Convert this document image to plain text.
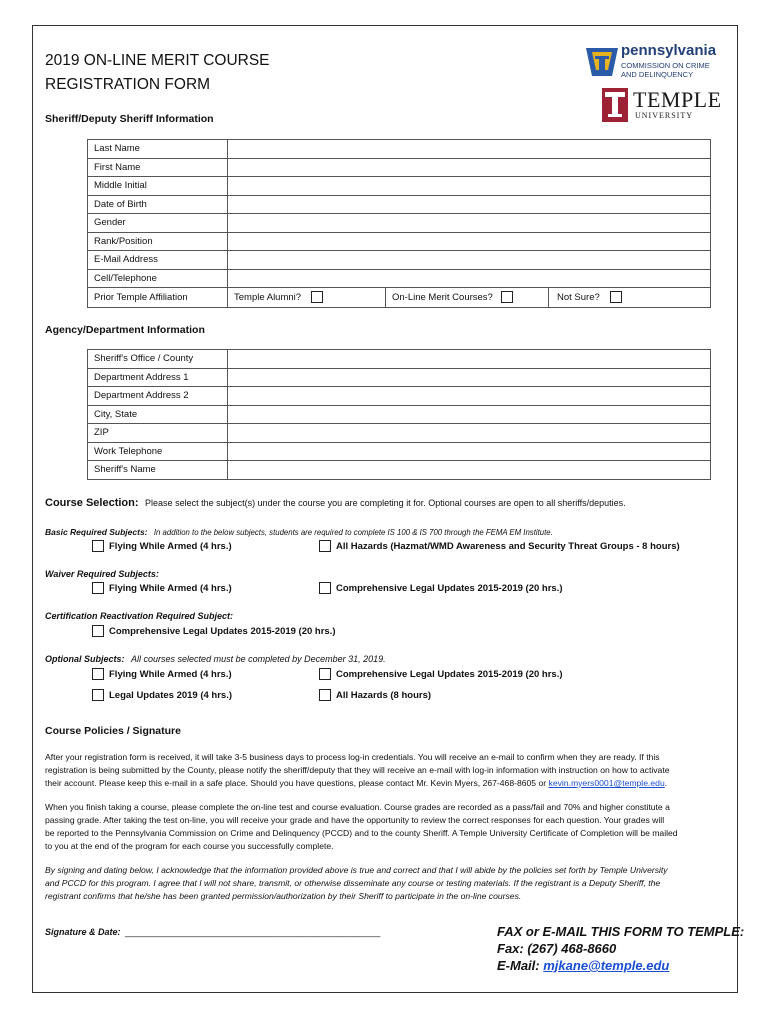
2019 ON-LINE MERIT COURSE
REGISTRATION FORM
pennsylvania
COMMISSION ON CRIME
AND DELINQUENCY
TEMPLE
UNIVERSITY
Sheriff/Deputy Sheriff Information
Last Name	
First Name	
Middle Initial	
Date of Birth	
Gender	
Rank/Position	
E-Mail Address	
Cell/Telephone	
Prior Temple Affiliation	Temple Alumni? On-Line Merit Courses? Not Sure?
Agency/Department Information
Sheriff's Office / County	
Department Address 1	
Department Address 2	
City, State	
ZIP	
Work Telephone	
Sheriff's Name	
Course Selection: Please select the subject(s) under the course you are completing it for. Optional courses are open to all sheriffs/deputies.
Basic Required Subjects: In addition to the below subjects, students are required to complete IS 100 & IS 700 through the FEMA EM Institute.
Flying While Armed (4 hrs.)	All Hazards (Hazmat/WMD Awareness and Security Threat Groups - 8 hours)
Waiver Required Subjects:
Flying While Armed (4 hrs.)	Comprehensive Legal Updates 2015-2019 (20 hrs.)
Certification Reactivation Required Subject:
Comprehensive Legal Updates 2015-2019 (20 hrs.)
Optional Subjects: All courses selected must be completed by December 31, 2019.
Flying While Armed (4 hrs.)	Comprehensive Legal Updates 2015-2019 (20 hrs.)
Legal Updates 2019 (4 hrs.)	All Hazards (8 hours)
Course Policies / Signature
After your registration form is received, it will take 3-5 business days to process log-in credentials. You will receive an e-mail to confirm when they are ready. If this
registration is being submitted by the County, please notify the sheriff/deputy that they will receive an e-mail with log-in information with instruction on how to activate
their account. Please keep this e-mail in a safe place. Should you have questions, please contact Mr. Kevin Myers, 267-468-8605 or kevin.myers0001@temple.edu.
When you finish taking a course, please complete the on-line test and course evaluation. Course grades are recorded as a pass/fail and 70% and higher constitute a
passing grade. After taking the test on-line, you will receive your grade and have the opportunity to review the correct responses for each question. Your grades will
be reported to the Pennsylvania Commission on Crime and Delinquency (PCCD) and to the county Sheriff. A Temple University Certificate of Completion will be mailed
to you at the end of the program for each course you successfully complete.
By signing and dating below, I acknowledge that the information provided above is true and correct and that I will abide by the policies set forth by Temple University
and PCCD for this program. I agree that I will not share, transmit, or otherwise disseminate any course or testing materials. If the registrant is a Deputy Sheriff, the
registrant confirms that he/she has been granted permission/authorization by their Sheriff to participate in the on-line courses.
Signature & Date: ___________________________________________________	FAX or E-MAIL THIS FORM TO TEMPLE:
Fax: (267) 468-8660
E-Mail: mjkane@temple.edu
